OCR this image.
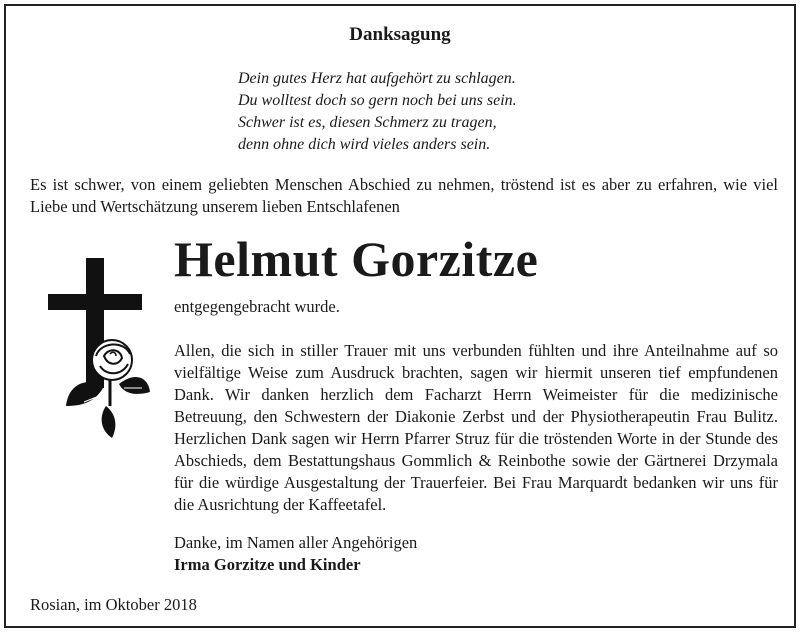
Danksagung
Dein gutes Herz hat aufgehört zu schlagen.
Du wolltest doch so gern noch bei uns sein.
Schwer ist es, diesen Schmerz zu tragen,
denn ohne dich wird vieles anders sein.
Es ist schwer, von einem geliebten Menschen Abschied zu nehmen, tröstend ist es aber zu erfahren, wie viel Liebe und Wertschätzung unserem lieben Entschlafenen
Helmut Gorzitze
entgegengebracht wurde.
Allen, die sich in stiller Trauer mit uns verbunden fühlten und ihre Anteilnahme auf so vielfältige Weise zum Ausdruck brachten, sagen wir hiermit unseren tief empfundenen Dank. Wir danken herzlich dem Facharzt Herrn Weimeister für die medizinische Betreuung, den Schwestern der Diakonie Zerbst und der Physiotherapeutin Frau Bulitz. Herzlichen Dank sagen wir Herrn Pfarrer Struz für die tröstenden Worte in der Stunde des Abschieds, dem Bestattungshaus Gommlich & Reinbothe sowie der Gärtnerei Drzymala für die würdige Ausgestaltung der Trauerfeier. Bei Frau Marquardt bedanken wir uns für die Ausrichtung der Kaffeetafel.
Danke, im Namen aller Angehörigen
Irma Gorzitze und Kinder
Rosian, im Oktober 2018
